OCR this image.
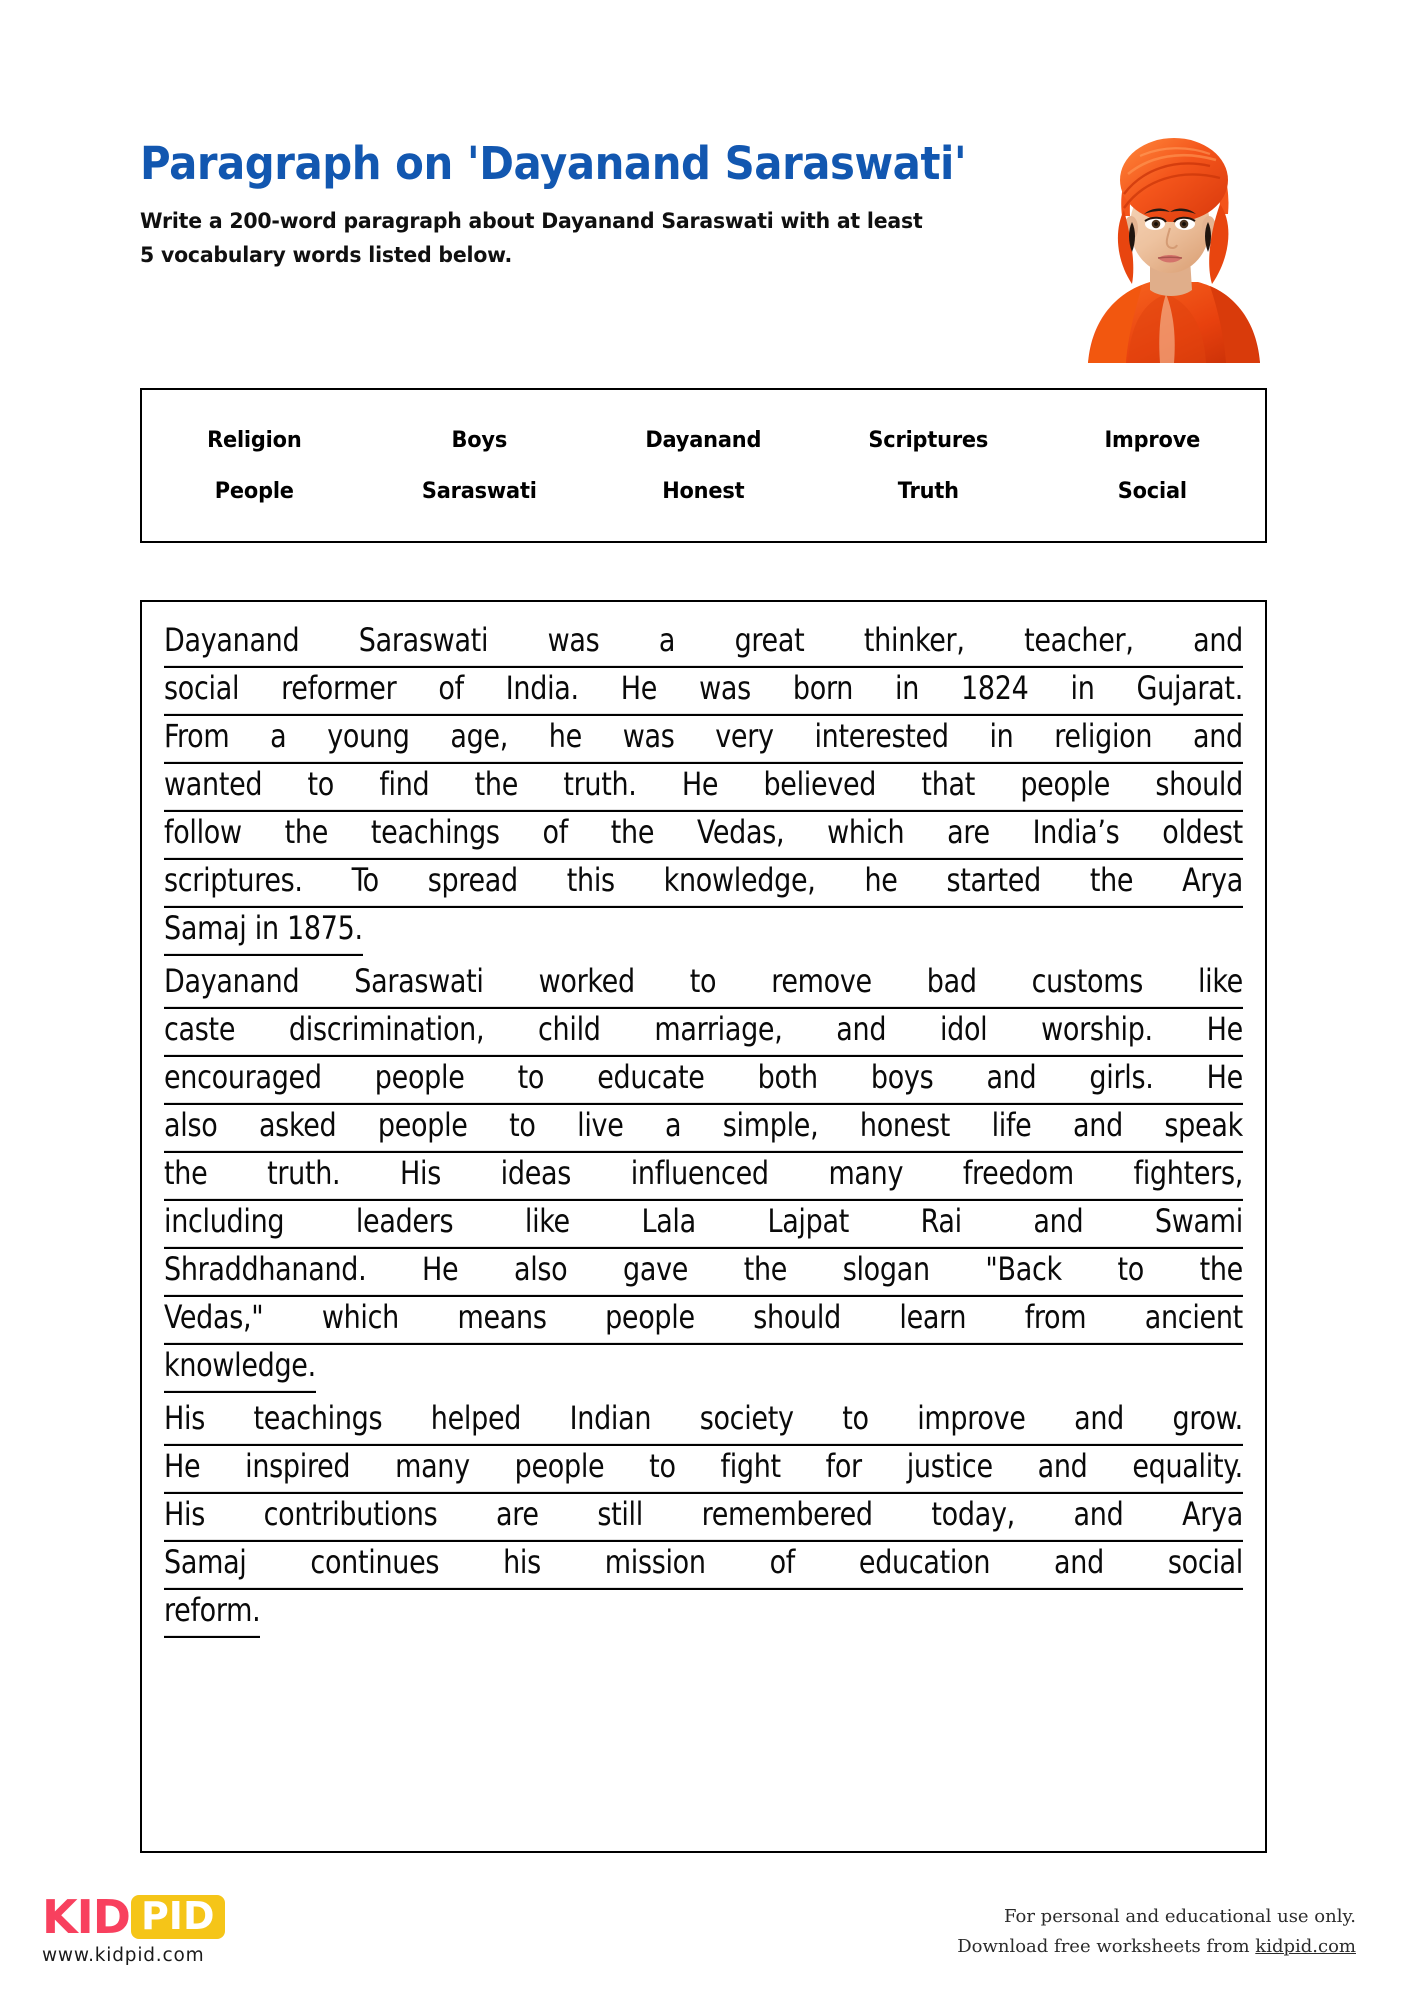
Paragraph on 'Dayanand Saraswati'
Write a 200-word paragraph about Dayanand Saraswati with at least
5 vocabulary words listed below.
Religion	Boys	Dayanand	Scriptures	Improve
People	Saraswati	Honest	Truth	Social
Dayanand Saraswati was a great thinker, teacher, and
social reformer of India. He was born in 1824 in Gujarat.
From a young age, he was very interested in religion and
wanted to find the truth. He believed that people should
follow the teachings of the Vedas, which are India’s oldest
scriptures. To spread this knowledge, he started the Arya
Samaj in 1875.
Dayanand Saraswati worked to remove bad customs like
caste discrimination, child marriage, and idol worship. He
encouraged people to educate both boys and girls. He
also asked people to live a simple, honest life and speak
the truth. His ideas influenced many freedom fighters,
including leaders like Lala Lajpat Rai and Swami
Shraddhanand. He also gave the slogan "Back to the
Vedas," which means people should learn from ancient
knowledge.
His teachings helped Indian society to improve and grow.
He inspired many people to fight for justice and equality.
His contributions are still remembered today, and Arya
Samaj continues his mission of education and social
reform.
KID PID
www.kidpid.com
For personal and educational use only.
Download free worksheets from kidpid.com
